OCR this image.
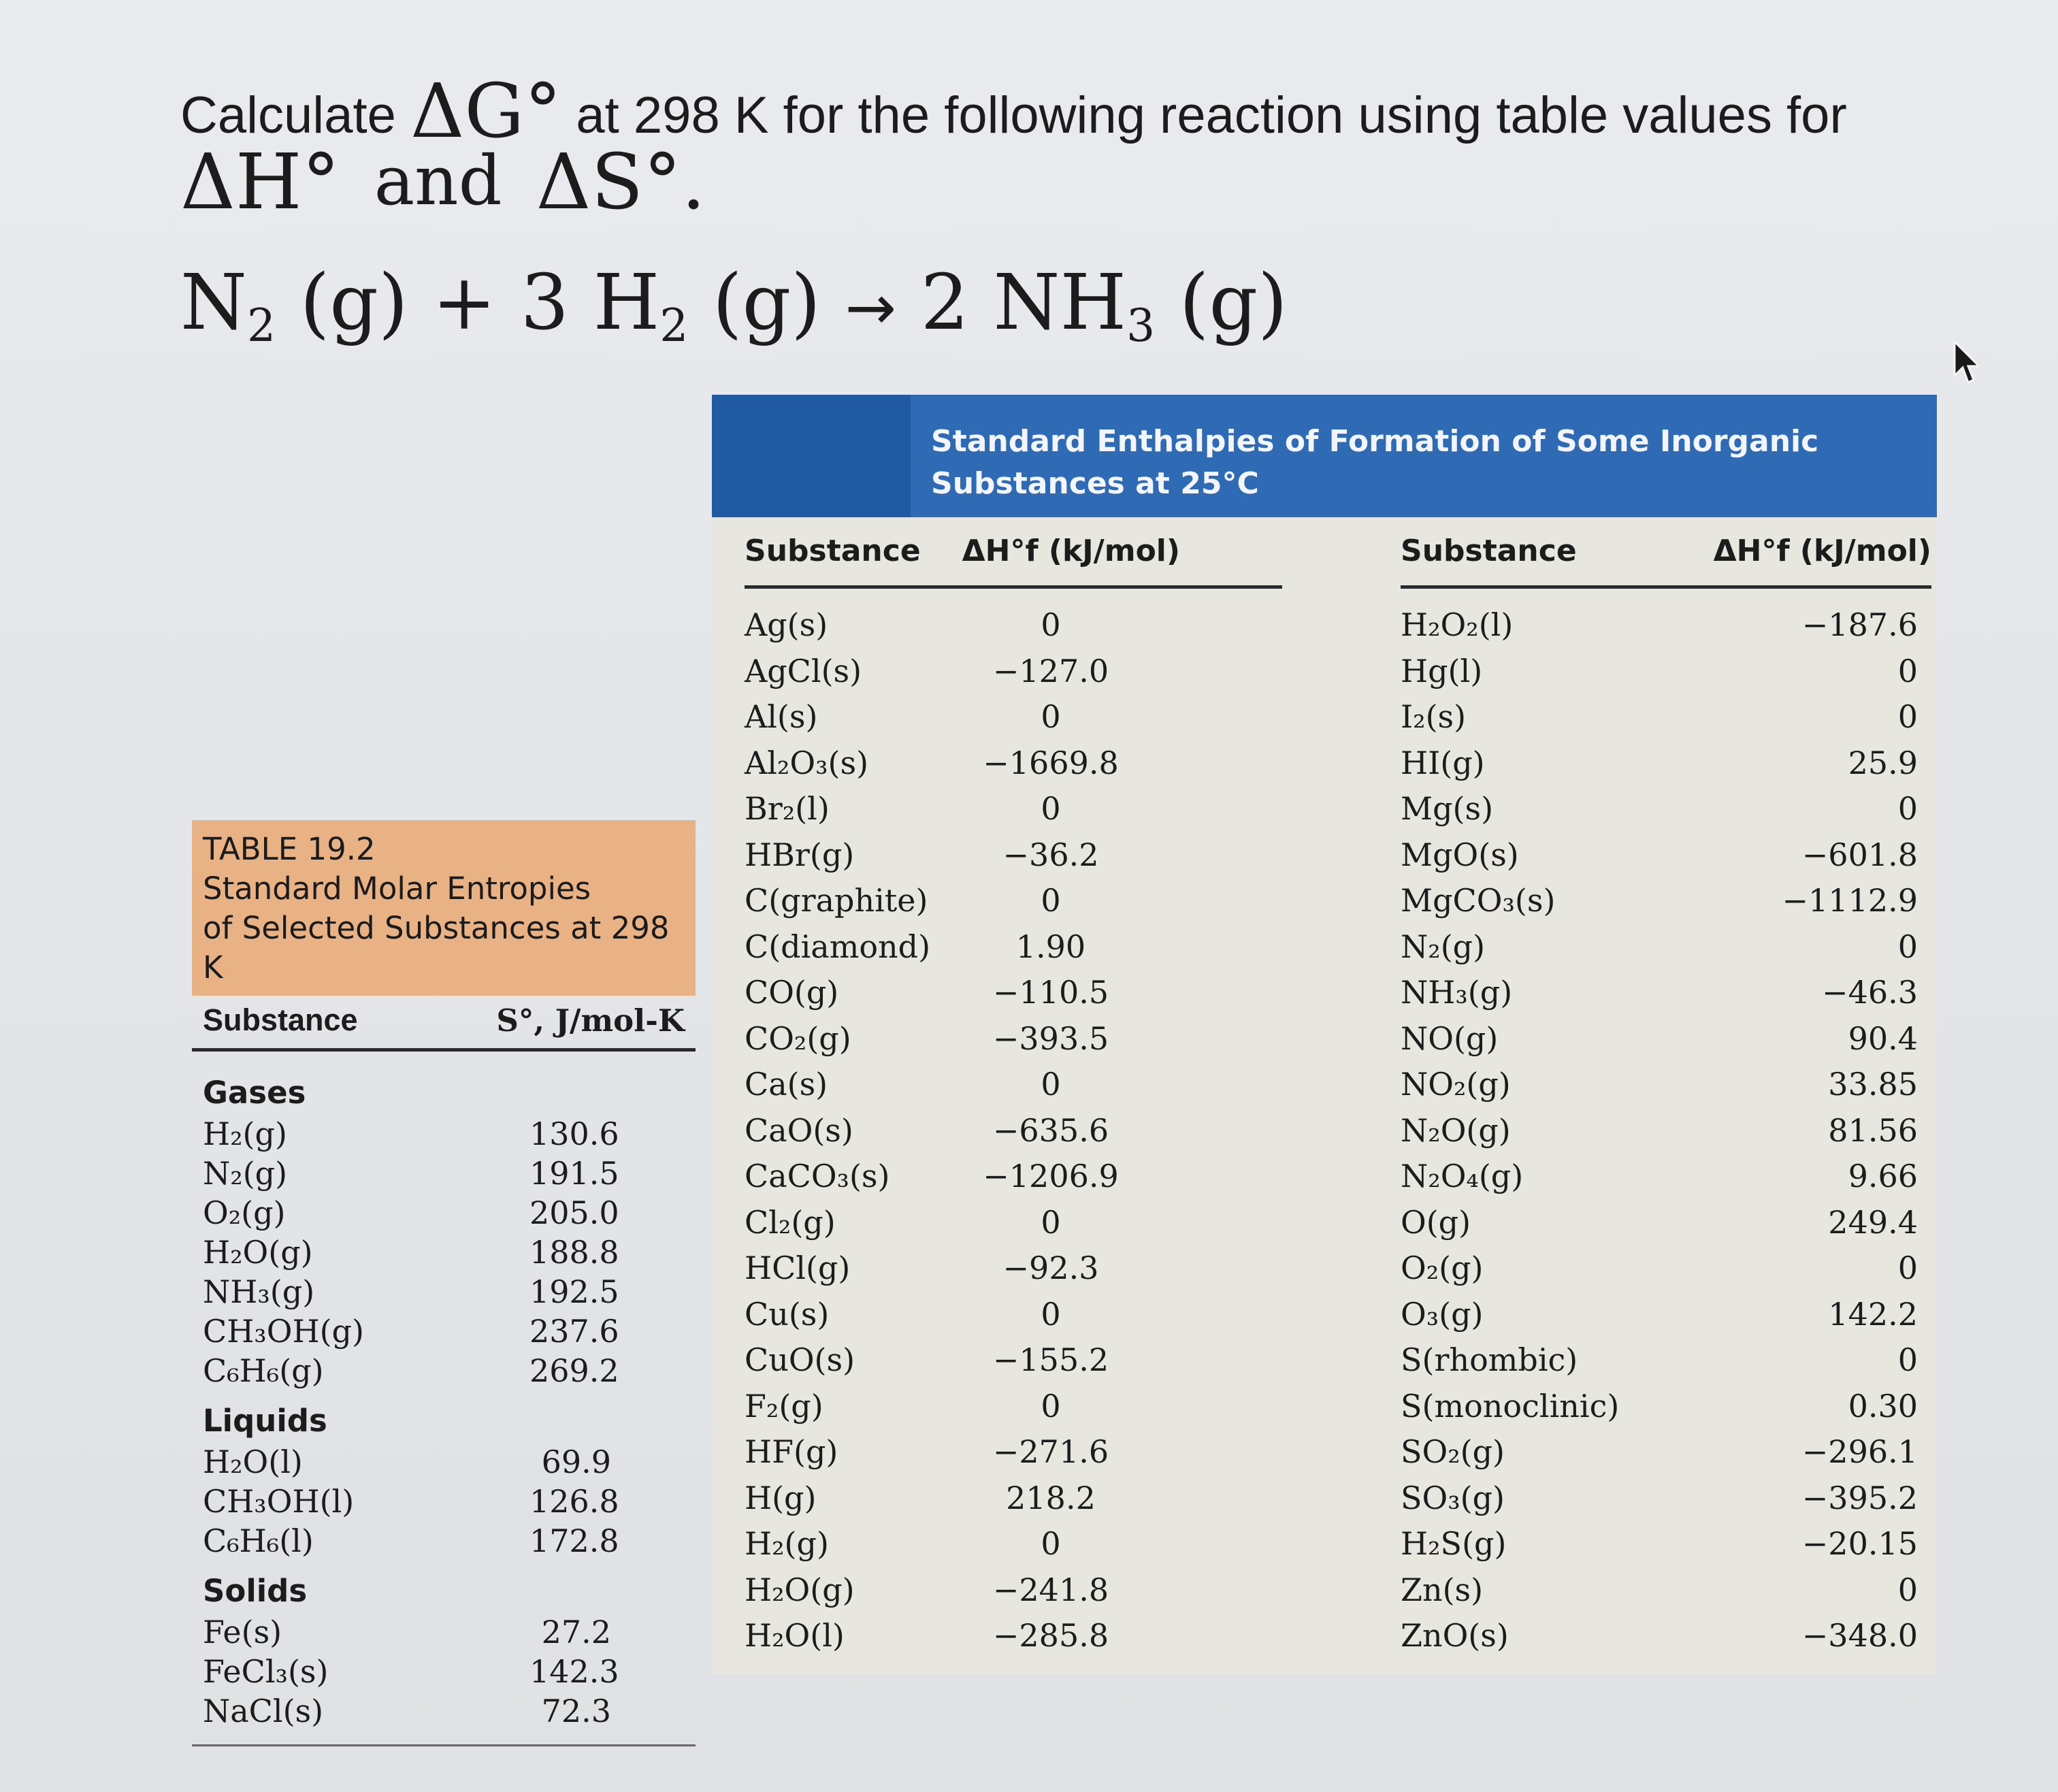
Calculate ΔG° at 298 K for the following reaction using table values for
ΔH° and ΔS°.
$N_2$ (g) + 3 $H_2$ (g) → 2 $NH_3$ (g)
TABLE 19.2
Standard Molar Entropies
of Selected Substances at 298 K
Substance	S°, J/mol-K
Gases
H₂(g)	130.6
N₂(g)	191.5
O₂(g)	205.0
H₂O(g)	188.8
NH₃(g)	192.5
CH₃OH(g)	237.6
C₆H₆(g)	269.2
Liquids
H₂O(l)	69.9
CH₃OH(l)	126.8
C₆H₆(l)	172.8
Solids
Fe(s)	27.2
FeCl₃(s)	142.3
NaCl(s)	72.3
Standard Enthalpies of Formation of Some Inorganic
Substances at 25°C
Substance ΔH°f (kJ/mol)
Ag(s)	0
AgCl(s)	−127.0
Al(s)	0
Al₂O₃(s)	−1669.8
Br₂(l)	0
HBr(g)	−36.2
C(graphite)	0
C(diamond)	1.90
CO(g)	−110.5
CO₂(g)	−393.5
Ca(s)	0
CaO(s)	−635.6
CaCO₃(s)	−1206.9
Cl₂(g)	0
HCl(g)	−92.3
Cu(s)	0
CuO(s)	−155.2
F₂(g)	0
HF(g)	−271.6
H(g)	218.2
H₂(g)	0
H₂O(g)	−241.8
H₂O(l)	−285.8
Substance	ΔH°f (kJ/mol)
H₂O₂(l)	−187.6
Hg(l)	0
I₂(s)	0
HI(g)	25.9
Mg(s)	0
MgO(s)	−601.8
MgCO₃(s)	−1112.9
N₂(g)	0
NH₃(g)	−46.3
NO(g)	90.4
NO₂(g)	33.85
N₂O(g)	81.56
N₂O₄(g)	9.66
O(g)	249.4
O₂(g)	0
O₃(g)	142.2
S(rhombic)	0
S(monoclinic)	0.30
SO₂(g)	−296.1
SO₃(g)	−395.2
H₂S(g)	−20.15
Zn(s)	0
ZnO(s)	−348.0
